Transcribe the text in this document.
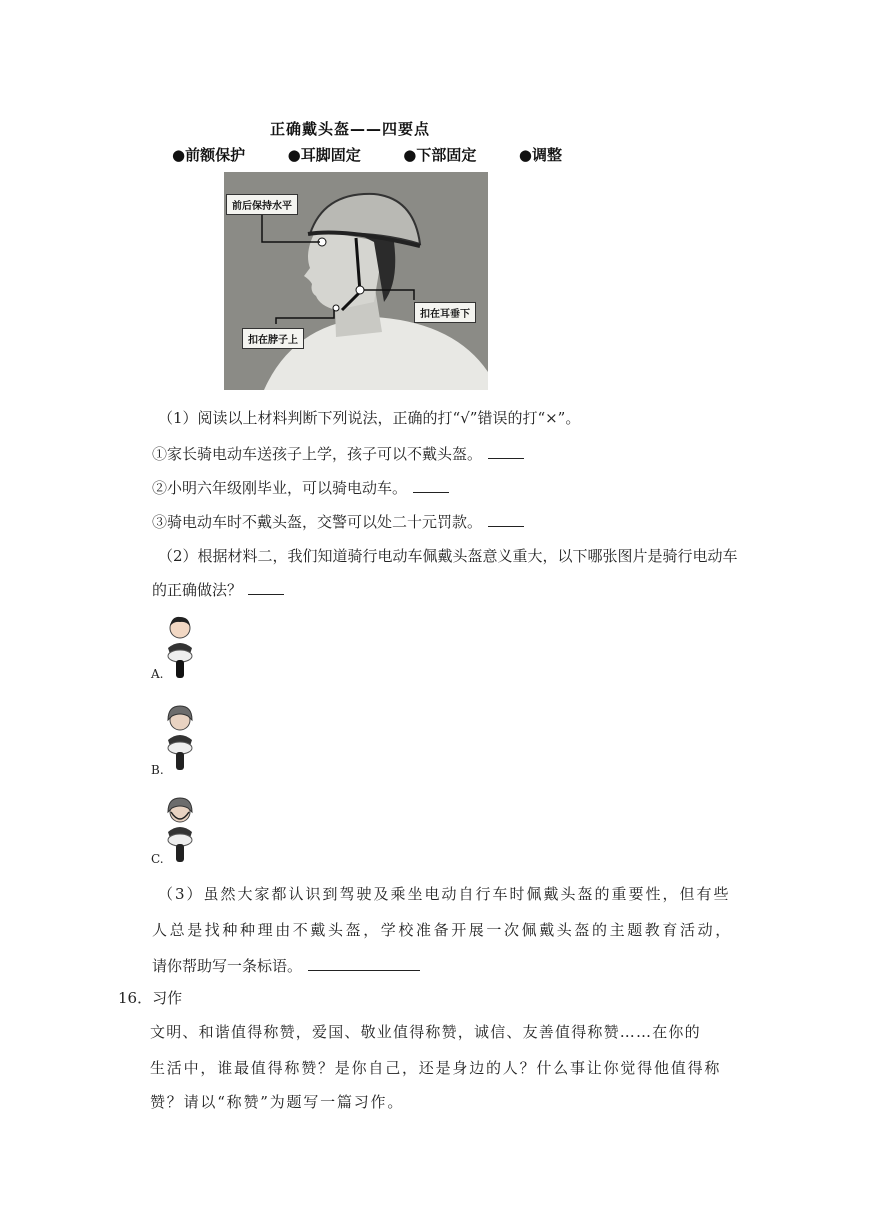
正确戴头盔——四要点
●前额保护	●耳脚固定	●下部固定	●调整
前后保持水平
扣在耳垂下
扣在脖子上
（1）阅读以上材料判断下列说法，正确的打“√”错误的打“×”。
①家长骑电动车送孩子上学，孩子可以不戴头盔。
②小明六年级刚毕业，可以骑电动车。
③骑电动车时不戴头盔，交警可以处二十元罚款。
（2）根据材料二，我们知道骑行电动车佩戴头盔意义重大，以下哪张图片是骑行电动车
的正确做法？
A.
B.
C.
（3）虽然大家都认识到驾驶及乘坐电动自行车时佩戴头盔的重要性，但有些
人总是找种种理由不戴头盔，学校准备开展一次佩戴头盔的主题教育活动，
请你帮助写一条标语。
16．习作
文明、和谐值得称赞，爱国、敬业值得称赞，诚信、友善值得称赞……在你的
生活中，谁最值得称赞？是你自己，还是身边的人？什么事让你觉得他值得称
赞？请以“称赞”为题写一篇习作。
